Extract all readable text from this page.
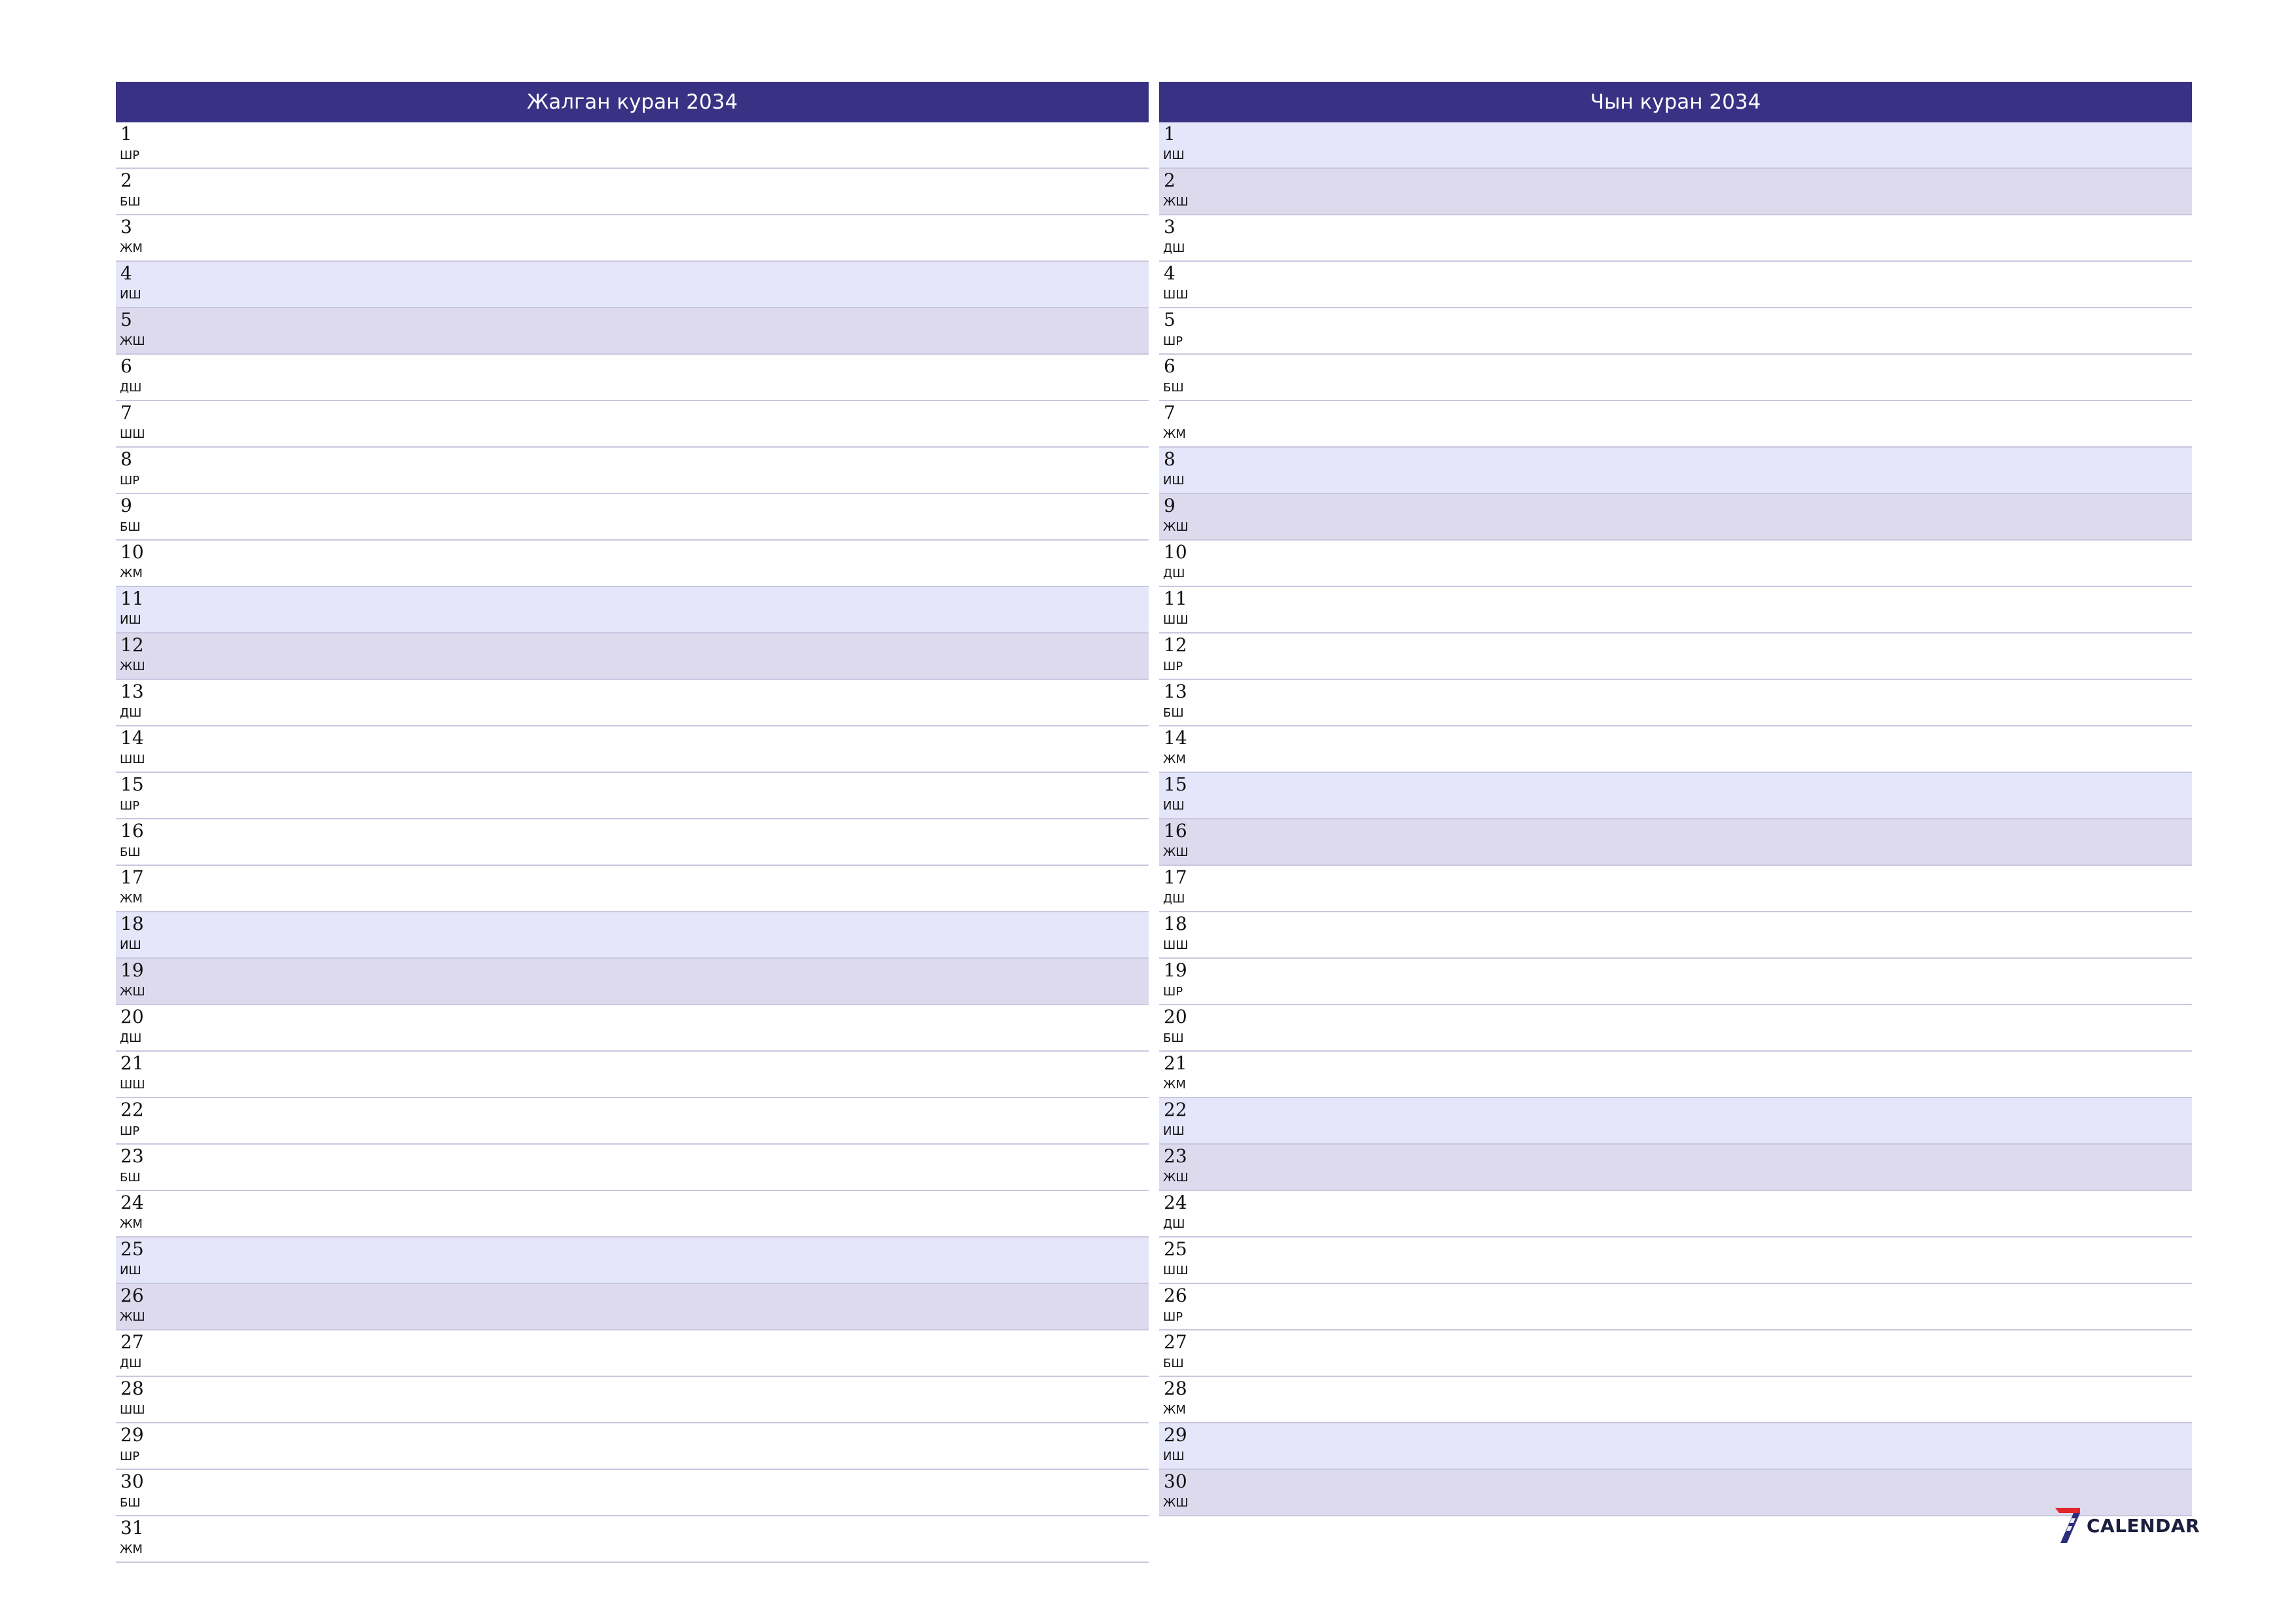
Жалган куран 2034
1
ШР
2
БШ
3
ЖМ
4
ИШ
5
ЖШ
6
ДШ
7
ШШ
8
ШР
9
БШ
10
ЖМ
11
ИШ
12
ЖШ
13
ДШ
14
ШШ
15
ШР
16
БШ
17
ЖМ
18
ИШ
19
ЖШ
20
ДШ
21
ШШ
22
ШР
23
БШ
24
ЖМ
25
ИШ
26
ЖШ
27
ДШ
28
ШШ
29
ШР
30
БШ
31
ЖМ
Чын куран 2034
1
ИШ
2
ЖШ
3
ДШ
4
ШШ
5
ШР
6
БШ
7
ЖМ
8
ИШ
9
ЖШ
10
ДШ
11
ШШ
12
ШР
13
БШ
14
ЖМ
15
ИШ
16
ЖШ
17
ДШ
18
ШШ
19
ШР
20
БШ
21
ЖМ
22
ИШ
23
ЖШ
24
ДШ
25
ШШ
26
ШР
27
БШ
28
ЖМ
29
ИШ
30
ЖШ
CALENDAR
